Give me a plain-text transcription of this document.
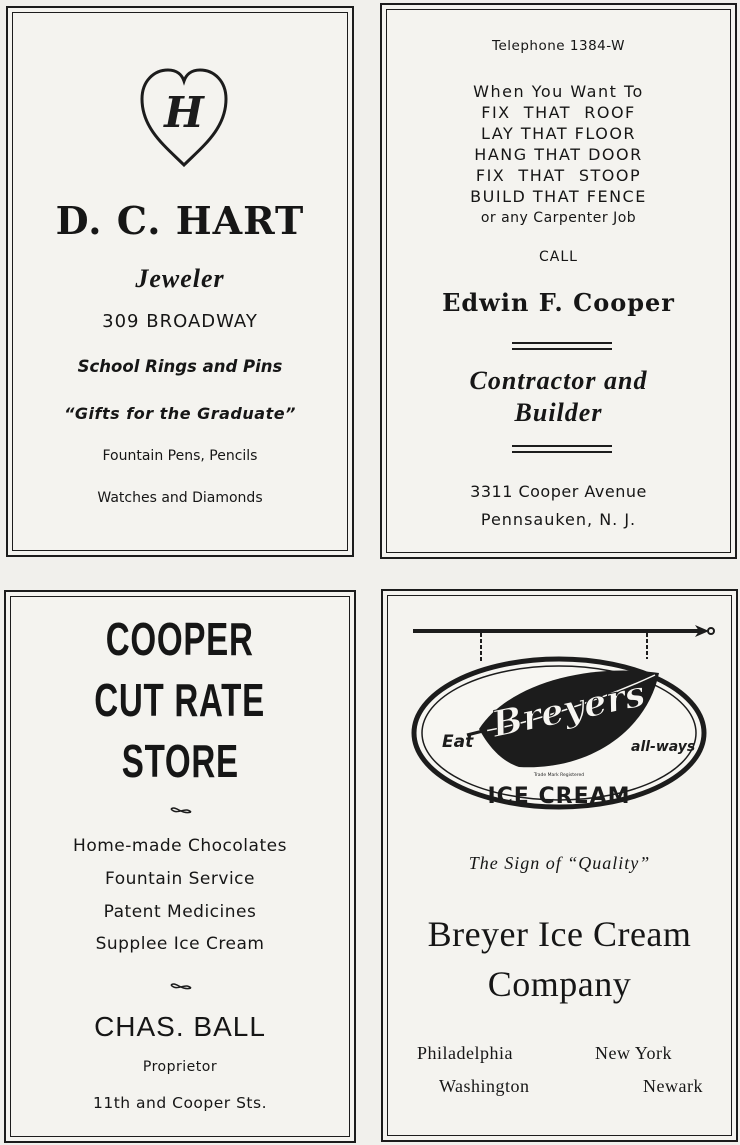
H
D. C. HART
Jeweler
309 BROADWAY
School Rings and Pins
“Gifts for the Graduate”
Fountain Pens, Pencils
Watches and Diamonds
Telephone 1384-W
When You Want To
FIX  THAT  ROOF
LAY THAT FLOOR
HANG THAT DOOR
FIX  THAT  STOOP
BUILD THAT FENCE
or any Carpenter Job
CALL
Edwin F. Cooper
Contractor and
Builder
3311 Cooper Avenue
Pennsauken, N. J.
COOPER
CUT RATE
STORE
Home-made Chocolates
Fountain Service
Patent Medicines
Supplee Ice Cream
CHAS. BALL
Proprietor
11th and Cooper Sts.
Breyers
Eat	all-ways
Trade Mark Registered
ICE CREAM
The Sign of “Quality”
Breyer Ice Cream
Company
Philadelphia	New York
Washington	Newark
